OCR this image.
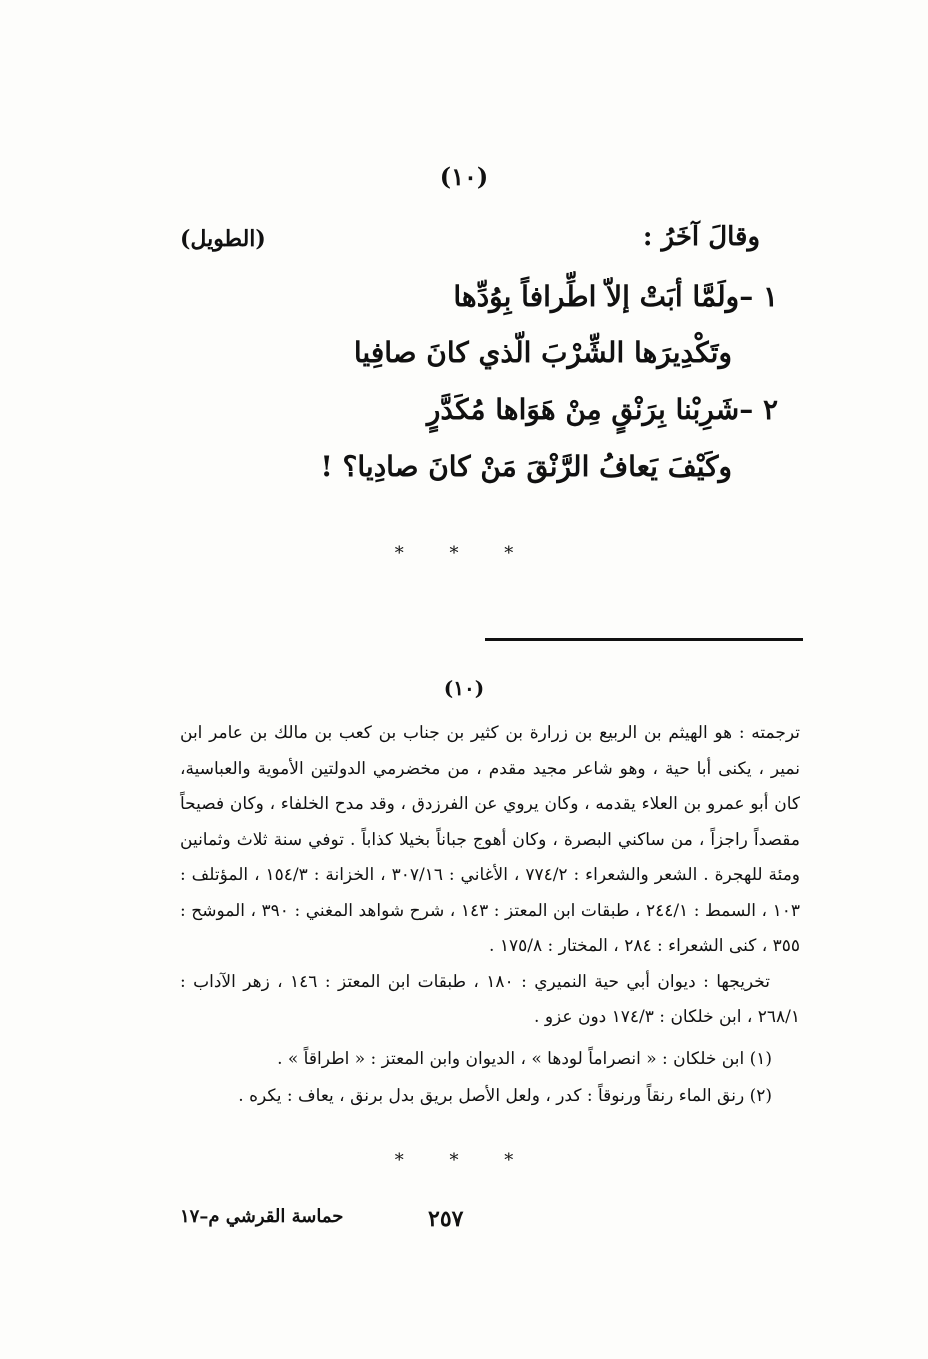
(١٠)
وقالَ آخَرُ :
(الطويل)
١ –ولَمَّا أبَتْ إلاّ اطِّرافاً بِوُدِّها
وتَكْدِيرَها الشِّرْبَ الّذي كانَ صافِيا
٢ –شَرِبْنا بِرَنْقٍ مِنْ هَوَاها مُكَدَّرٍ
وكَيْفَ يَعافُ الرَّنْقَ مَنْ كانَ صادِيا؟ !
* * *
(١٠)

ترجمته : هو الهيثم بن الربيع بن زرارة بن كثير بن جناب بن كعب بن مالك بن عامر ابن نمير ، يكنى أبا حية ، وهو شاعر مجيد مقدم ، من مخضرمي الدولتين الأموية والعباسية، كان أبو عمرو بن العلاء يقدمه ، وكان يروي عن الفرزدق ، وقد مدح الخلفاء ، وكان فصيحاً مقصداً راجزاً ، من ساكني البصرة ، وكان أهوج جباناً بخيلا كذاباً . توفي سنة ثلاث وثمانين ومئة للهجرة . الشعر والشعراء : ٧٧٤/٢ ، الأغاني : ٣٠٧/١٦ ، الخزانة : ١٥٤/٣ ، المؤتلف : ١٠٣ ، السمط : ٢٤٤/١ ، طبقات ابن المعتز : ١٤٣ ، شرح شواهد المغني : ٣٩٠ ، الموشح : ٣٥٥ ، كنى الشعراء : ٢٨٤ ، المختار : ١٧٥/٨ .

تخريجها : ديوان أبي حية النميري : ١٨٠ ، طبقات ابن المعتز : ١٤٦ ، زهر الآداب : ٢٦٨/١ ، ابن خلكان : ١٧٤/٣ دون عزو .

(١) ابن خلكان : « انصراماً لودها » ، الديوان وابن المعتز : « اطراقاً » .

(٢) رنق الماء رنقاً ورنوقاً : كدر ، ولعل الأصل بريق بدل برنق ، يعاف : يكره .

* * *
٢٥٧
حماسة القرشي م–١٧
